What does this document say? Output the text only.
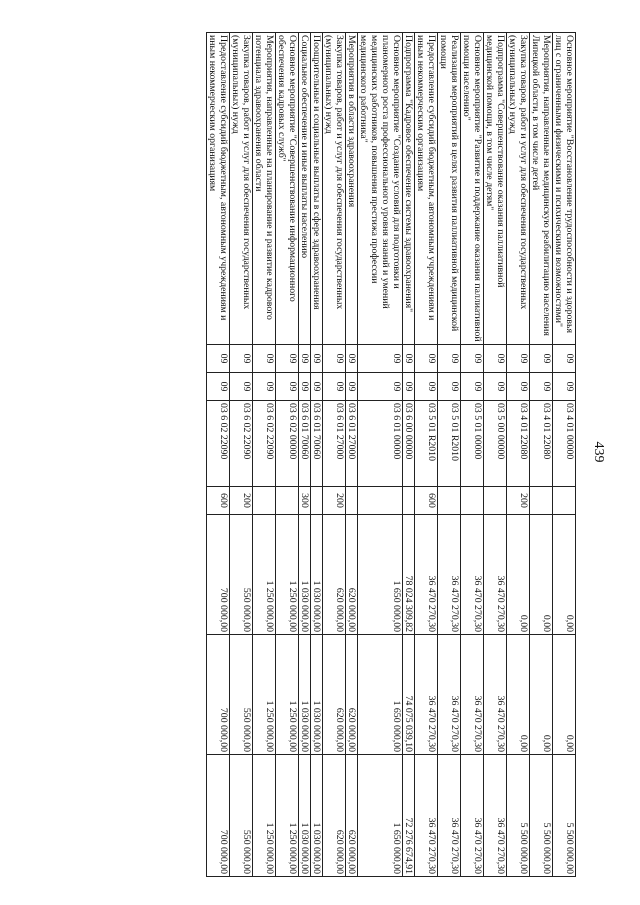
439
Основное мероприятие "Восстановление трудоспособности и здоровья лиц с ограниченными физическими и психическими возможностями"	09	09	03 4 01 00000		0,00	0,00	5 500 000,00
Мероприятия, направленные на медицинскую реабилитацию населения Липецкой области, в том числе детей	09	09	03 4 01 22080		0,00	0,00	5 500 000,00
Закупка товаров, работ и услуг для обеспечения государственных (муниципальных) нужд	09	09	03 4 01 22080	200	0,00	0,00	5 500 000,00
Подпрограмма "Совершенствование оказания паллиативной медицинской помощи, в том числе детям"	09	09	03 5 00 00000		36 470 270,30	36 470 270,30	36 470 270,30
Основное мероприятие "Развитие и поддержание оказания паллиативной помощи населению"	09	09	03 5 01 00000		36 470 270,30	36 470 270,30	36 470 270,30
Реализация мероприятий в целях развития паллиативной медицинской помощи	09	09	03 5 01 R2010		36 470 270,30	36 470 270,30	36 470 270,30
Предоставление субсидий бюджетным, автономным учреждениям и иным некоммерческим организациям	09	09	03 5 01 R2010	600	36 470 270,30	36 470 270,30	36 470 270,30
Подпрограмма "Кадровое обеспечение системы здравоохранения"	09	09	03 6 00 00000		78 024 309,82	74 075 039,10	72 276 674,91
Основное мероприятие "Создание условий для подготовки и планомерного роста профессионального уровня знаний и умений медицинских работников, повышения престижа профессии медицинского работника"	09	09	03 6 01 00000		1 650 000,00	1 650 000,00	1 650 000,00
Мероприятия в области здравоохранения	09	09	03 6 01 27000		620 000,00	620 000,00	620 000,00
Закупка товаров, работ и услуг для обеспечения государственных (муниципальных) нужд	09	09	03 6 01 27000	200	620 000,00	620 000,00	620 000,00
Поощрительные и социальные выплаты в сфере здравоохранения	09	09	03 6 01 70060		1 030 000,00	1 030 000,00	1 030 000,00
Социальное обеспечение и иные выплаты населению	09	09	03 6 01 70060	300	1 030 000,00	1 030 000,00	1 030 000,00
Основное мероприятие "Совершенствование информационного обеспечения кадровых служб"	09	09	03 6 02 00000		1 250 000,00	1 250 000,00	1 250 000,00
Мероприятия, направленные на планирование и развитие кадрового потенциала здравоохранения области	09	09	03 6 02 22090		1 250 000,00	1 250 000,00	1 250 000,00
Закупка товаров, работ и услуг для обеспечения государственных (муниципальных) нужд	09	09	03 6 02 22090	200	550 000,00	550 000,00	550 000,00
Предоставление субсидий бюджетным, автономным учреждениям и иным некоммерческим организациям	09	09	03 6 02 22090	600	700 000,00	700 000,00	700 000,00
